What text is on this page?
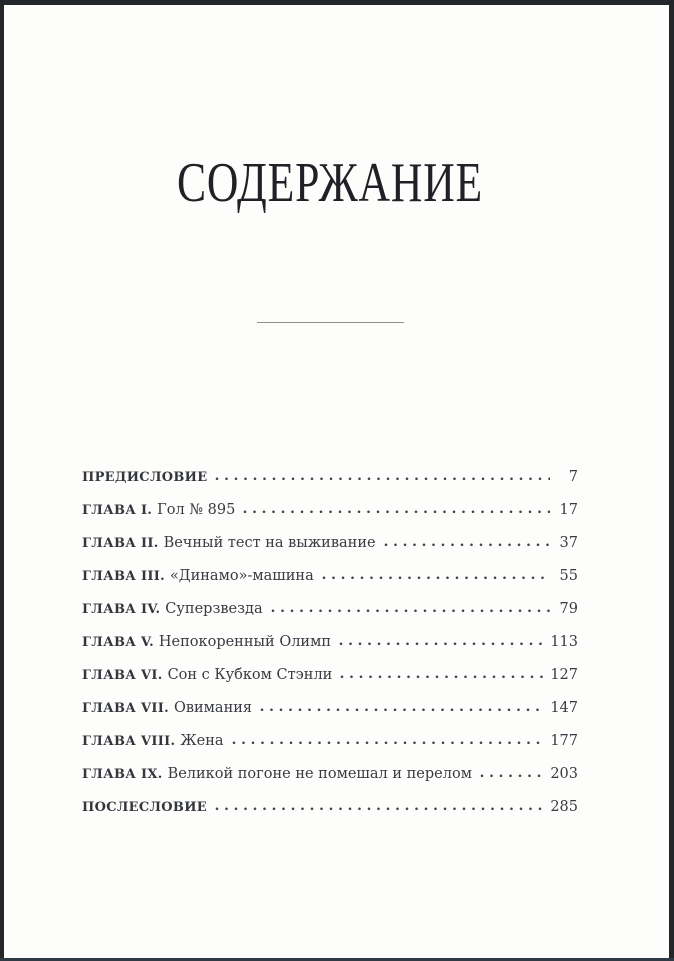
СОДЕРЖАНИЕ
ПРЕДИСЛОВИЕ	7
ГЛАВА I. Гол № 895	17
ГЛАВА II. Вечный тест на выживание	37
ГЛАВА III. «Динамо»-машина	55
ГЛАВА IV. Суперзвезда	79
ГЛАВА V. Непокоренный Олимп	113
ГЛАВА VI. Сон с Кубком Стэнли	127
ГЛАВА VII. Овимания	147
ГЛАВА VIII. Жена	177
ГЛАВА IX. Великой погоне не помешал и перелом	203
ПОСЛЕСЛОВИЕ	285
